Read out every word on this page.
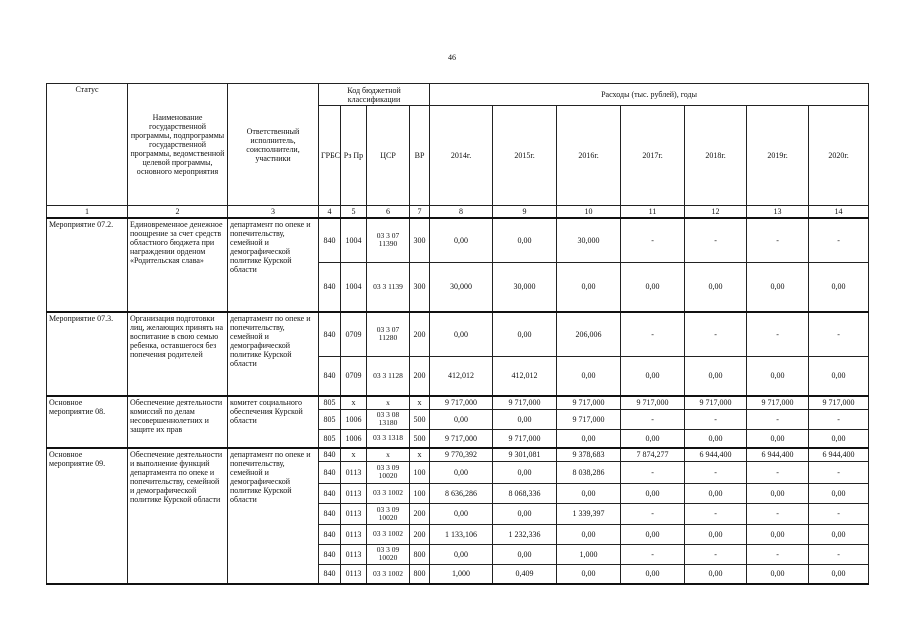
46
Статус	Наименование государственной программы, подпрограммы государственной программы, ведомственной целевой программы, основного мероприятия	Ответственный исполнитель, соисполнители, участники	Код бюджетной классификации				Расходы (тыс. рублей), годы						
			ГРБС	Рз Пр	ЦСР	ВР	2014г.	2015г.	2016г.	2017г.	2018г.	2019г.	2020г.
1	2	3	4	5	6	7	8	9	10	11	12	13	14
Мероприятие 07.2.	Единовременное денежное поощрение за счет средств областного бюджета при награждении орденом «Родительская слава»	департамент по опеке и попечительству, семейной и демографической политике Курской области	840	1004	03 3 07 11390	300	0,00	0,00	30,000	-	-	-	-
			840	1004	03 3 1139	300	30,000	30,000	0,00	0,00	0,00	0,00	0,00
Мероприятие 07.3.	Организация подготовки лиц, желающих принять на воспитание в свою семью ребенка, оставшегося без попечения родителей	департамент по опеке и попечительству, семейной и демографической политике Курской области	840	0709	03 3 07 11280	200	0,00	0,00	206,006	-	-	-	-
			840	0709	03 3 1128	200	412,012	412,012	0,00	0,00	0,00	0,00	0,00
Основное мероприятие 08.	Обеспечение деятельности комиссий по делам несовершеннолетних и защите их прав	комитет социального обеспечения Курской области	805	x	x	x	9 717,000	9 717,000	9 717,000	9 717,000	9 717,000	9 717,000	9 717,000
			805	1006	03 3 08 13180	500	0,00	0,00	9 717,000	-	-	-	-
			805	1006	03 3 1318	500	9 717,000	9 717,000	0,00	0,00	0,00	0,00	0,00
Основное мероприятие 09.	Обеспечение деятельности и выполнение функций департамента по опеке и попечительству, семейной и демографической политике Курской области	департамент по опеке и попечительству, семейной и демографической политике Курской области	840	x	x	x	9 770,392	9 301,081	9 378,683	7 874,277	6 944,400	6 944,400	6 944,400
			840	0113	03 3 09 10020	100	0,00	0,00	8 038,286	-	-	-	-
			840	0113	03 3 1002	100	8 636,286	8 068,336	0,00	0,00	0,00	0,00	0,00
			840	0113	03 3 09 10020	200	0,00	0,00	1 339,397	-	-	-	-
			840	0113	03 3 1002	200	1 133,106	1 232,336	0,00	0,00	0,00	0,00	0,00
			840	0113	03 3 09 10020	800	0,00	0,00	1,000	-	-	-	-
			840	0113	03 3 1002	800	1,000	0,409	0,00	0,00	0,00	0,00	0,00
